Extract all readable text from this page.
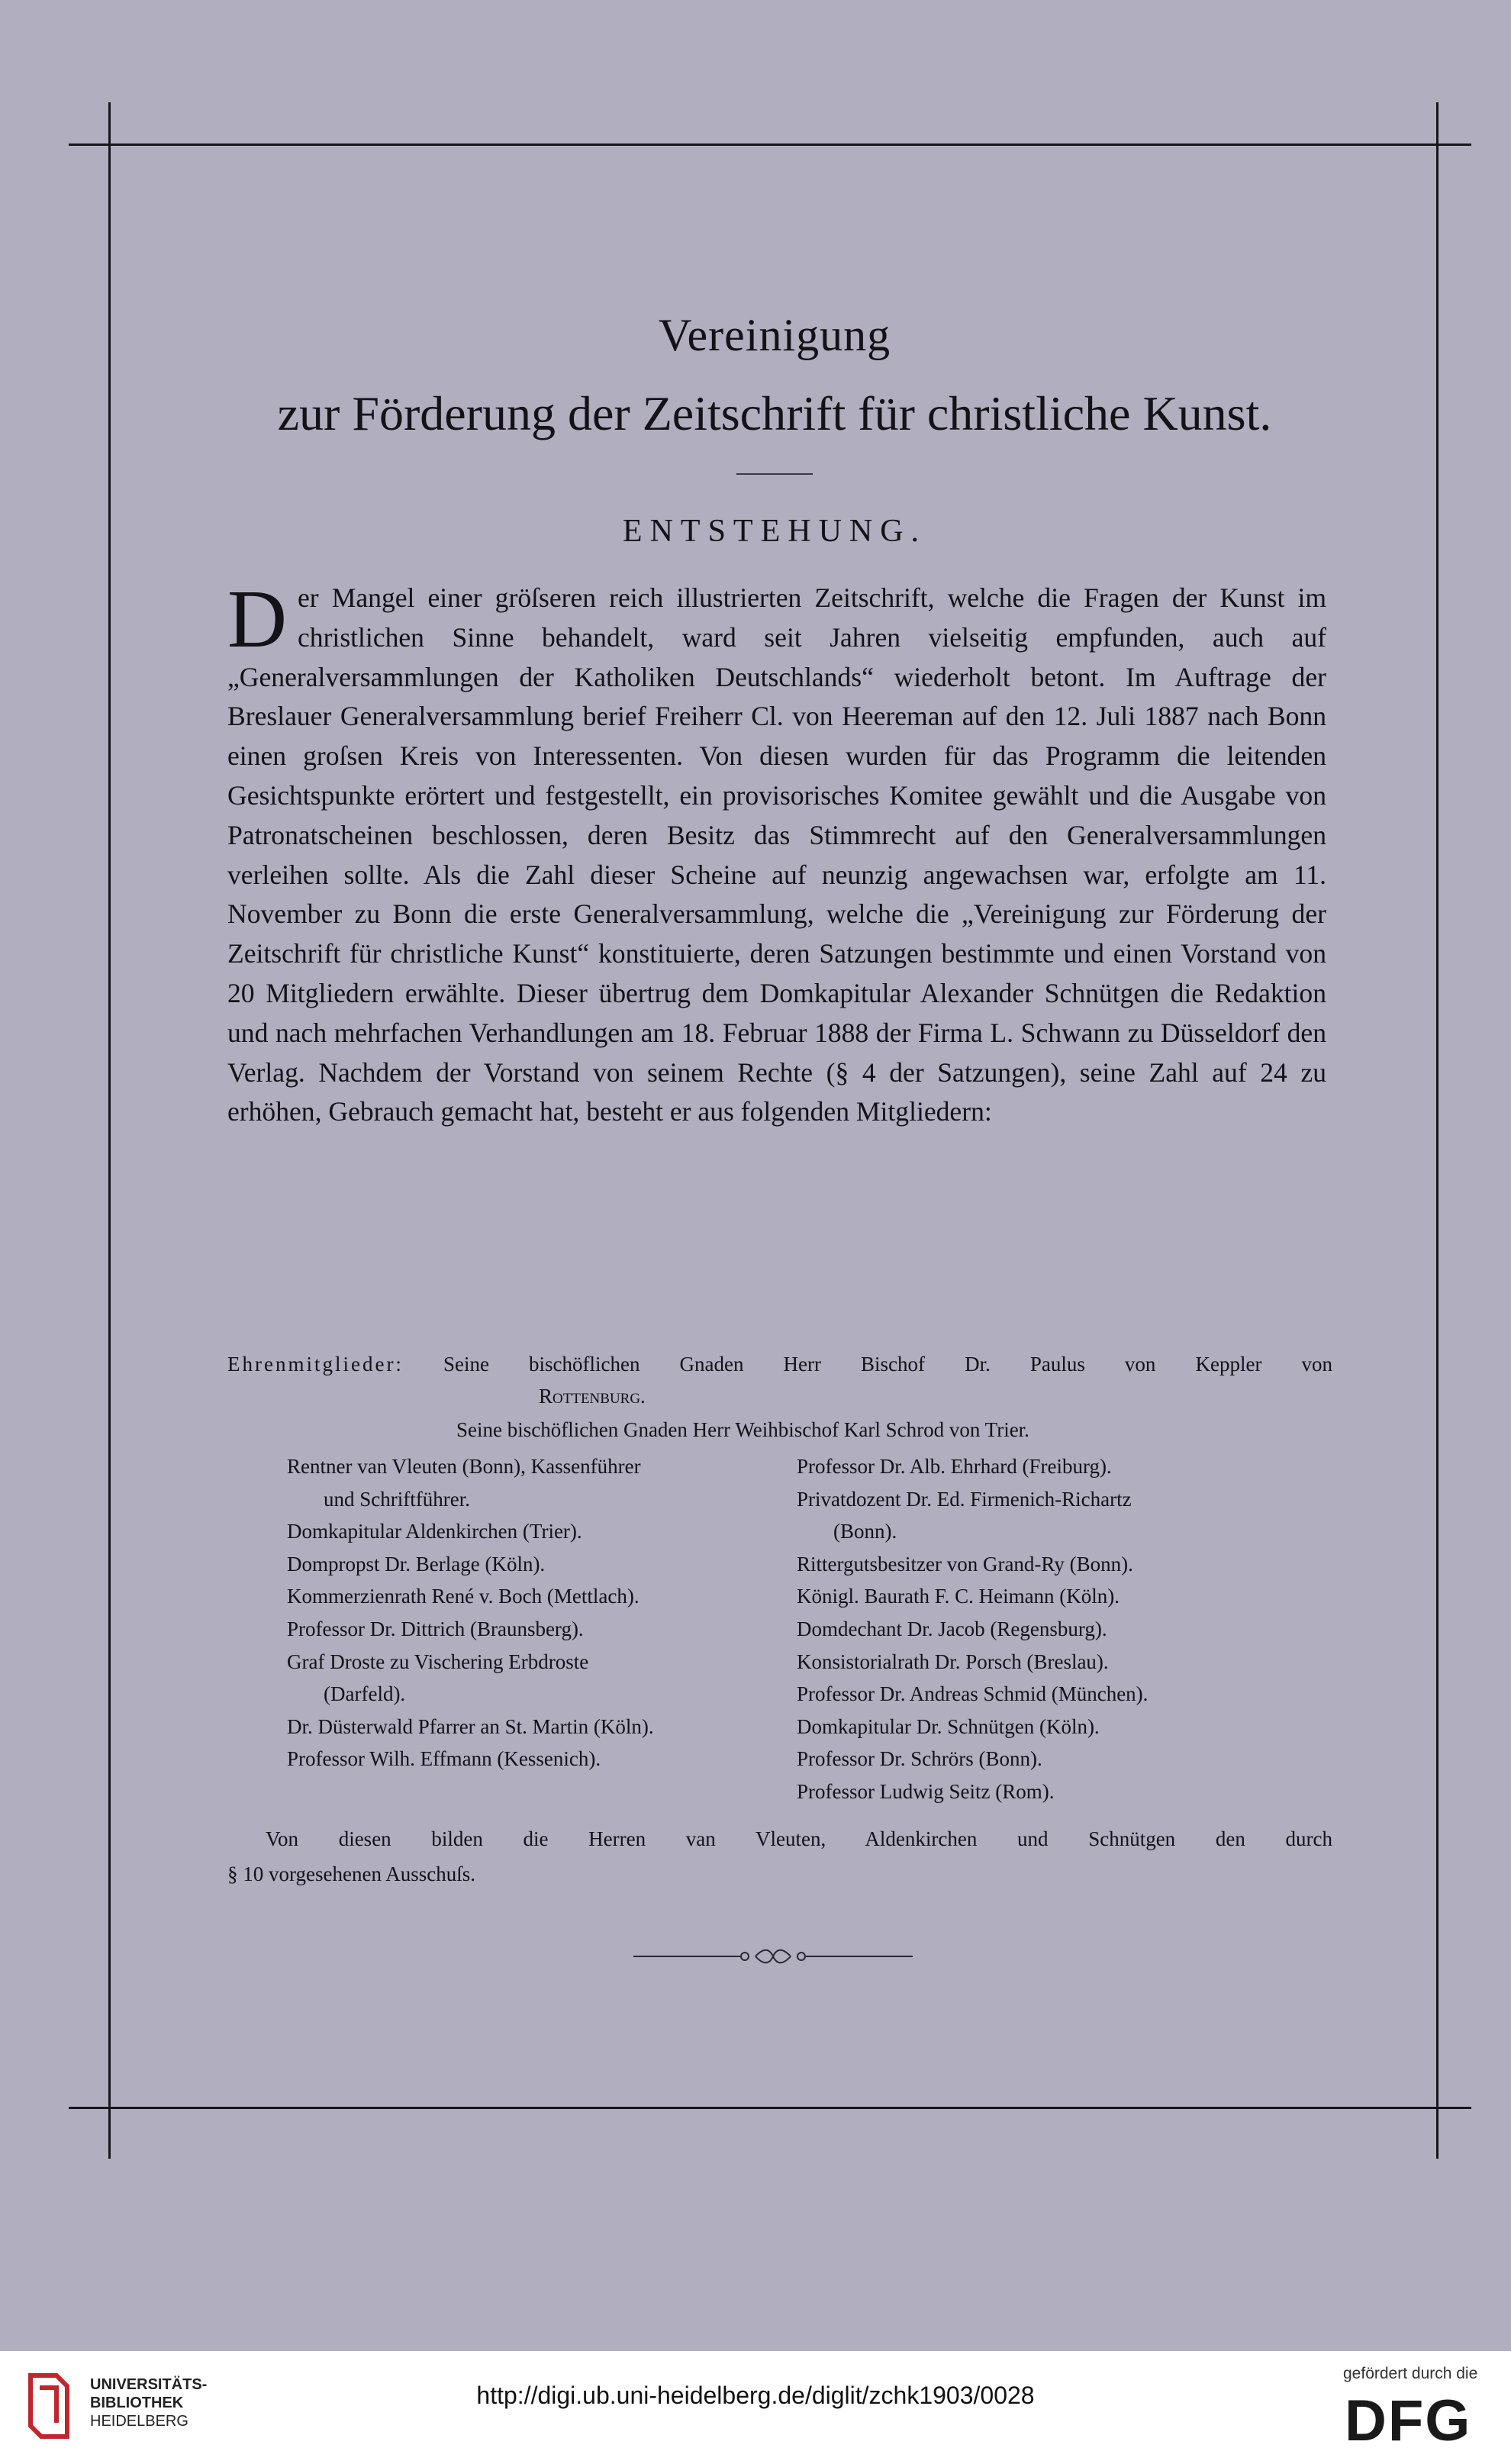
Vereinigung
zur Förderung der Zeitschrift für christliche Kunst.
ENTSTEHUNG.
D er Mangel einer gröſseren reich illustrierten Zeitschrift, welche die Fragen der Kunst im christlichen Sinne behandelt, ward seit Jahren vielseitig empfunden, auch auf „Generalversammlungen der Katholiken Deutschlands“ wiederholt betont. Im Auftrage der Breslauer Generalversammlung berief Freiherr Cl. von Heereman auf den 12. Juli 1887 nach Bonn einen groſsen Kreis von Interessenten. Von diesen wurden für das Programm die leitenden Gesichtspunkte erörtert und festgestellt, ein provisorisches Komitee gewählt und die Ausgabe von Patronatscheinen beschlossen, deren Besitz das Stimmrecht auf den Generalversammlungen verleihen sollte. Als die Zahl dieser Scheine auf neunzig angewachsen war, erfolgte am 11. November zu Bonn die erste Generalversammlung, welche die „Vereinigung zur Förderung der Zeitschrift für christliche Kunst“ konstituierte, deren Satzungen bestimmte und einen Vorstand von 20 Mitgliedern erwählte. Dieser übertrug dem Domkapitular Alexander Schnütgen die Redaktion und nach mehrfachen Verhandlungen am 18. Februar 1888 der Firma L. Schwann zu Düsseldorf den Verlag. Nachdem der Vorstand von seinem Rechte (§ 4 der Satzungen), seine Zahl auf 24 zu erhöhen, Gebrauch gemacht hat, besteht er aus folgenden Mitgliedern:

Ehrenmitglieder: Seine bischöflichen Gnaden Herr Bischof Dr. Paulus von Keppler von
Rottenburg.
Seine bischöflichen Gnaden Herr Weihbischof Karl Schrod von Trier.
Rentner van Vleuten (Bonn), Kassenführer
und Schriftführer.
Domkapitular Aldenkirchen (Trier).
Dompropst Dr. Berlage (Köln).
Kommerzienrath René v. Boch (Mettlach).
Professor Dr. Dittrich (Braunsberg).
Graf Droste zu Vischering Erbdroste
(Darfeld).
Dr. Düsterwald Pfarrer an St. Martin (Köln).
Professor Wilh. Effmann (Kessenich).
Professor Dr. Alb. Ehrhard (Freiburg).
Privatdozent Dr. Ed. Firmenich-Richartz
(Bonn).
Rittergutsbesitzer von Grand-Ry (Bonn).
Königl. Baurath F. C. Heimann (Köln).
Domdechant Dr. Jacob (Regensburg).
Konsistorialrath Dr. Porsch (Breslau).
Professor Dr. Andreas Schmid (München).
Domkapitular Dr. Schnütgen (Köln).
Professor Dr. Schrörs (Bonn).
Professor Ludwig Seitz (Rom).
Von diesen bilden die Herren van Vleuten, Aldenkirchen und Schnütgen den durch
§ 10 vorgesehenen Ausschuſs.
UNIVERSITÄTS-
BIBLIOTHEK
HEIDELBERG
http://digi.ub.uni-heidelberg.de/diglit/zchk1903/0028
gefördert durch die
DFG
